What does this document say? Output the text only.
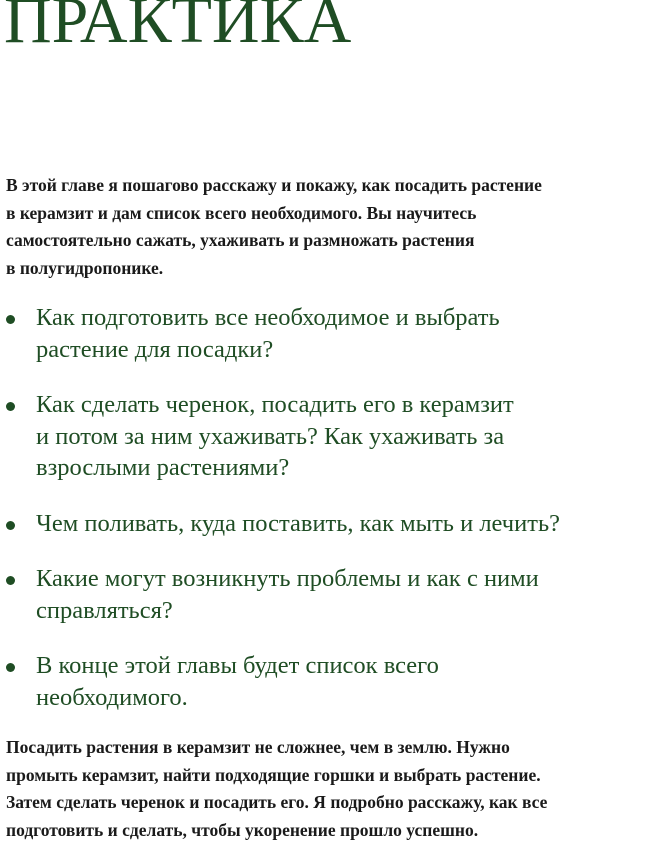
ПРАКТИКА

В этой главе я пошагово расскажу и покажу, как посадить растение
в керамзит и дам список всего необходимого. Вы научитесь
самостоятельно сажать, ухаживать и размножать растения
в полугидропонике.

Как подготовить все необходимое и выбрать
растение для посадки?
Как сделать черенок, посадить его в керамзит
и потом за ним ухаживать? Как ухаживать за
взрослыми растениями?
Чем поливать, куда поставить, как мыть и лечить?
Какие могут возникнуть проблемы и как с ними
справляться?
В конце этой главы будет список всего
необходимого.

Посадить растения в керамзит не сложнее, чем в землю. Нужно
промыть керамзит, найти подходящие горшки и выбрать растение.
Затем сделать черенок и посадить его. Я подробно расскажу, как все
подготовить и сделать, чтобы укоренение прошло успешно.
